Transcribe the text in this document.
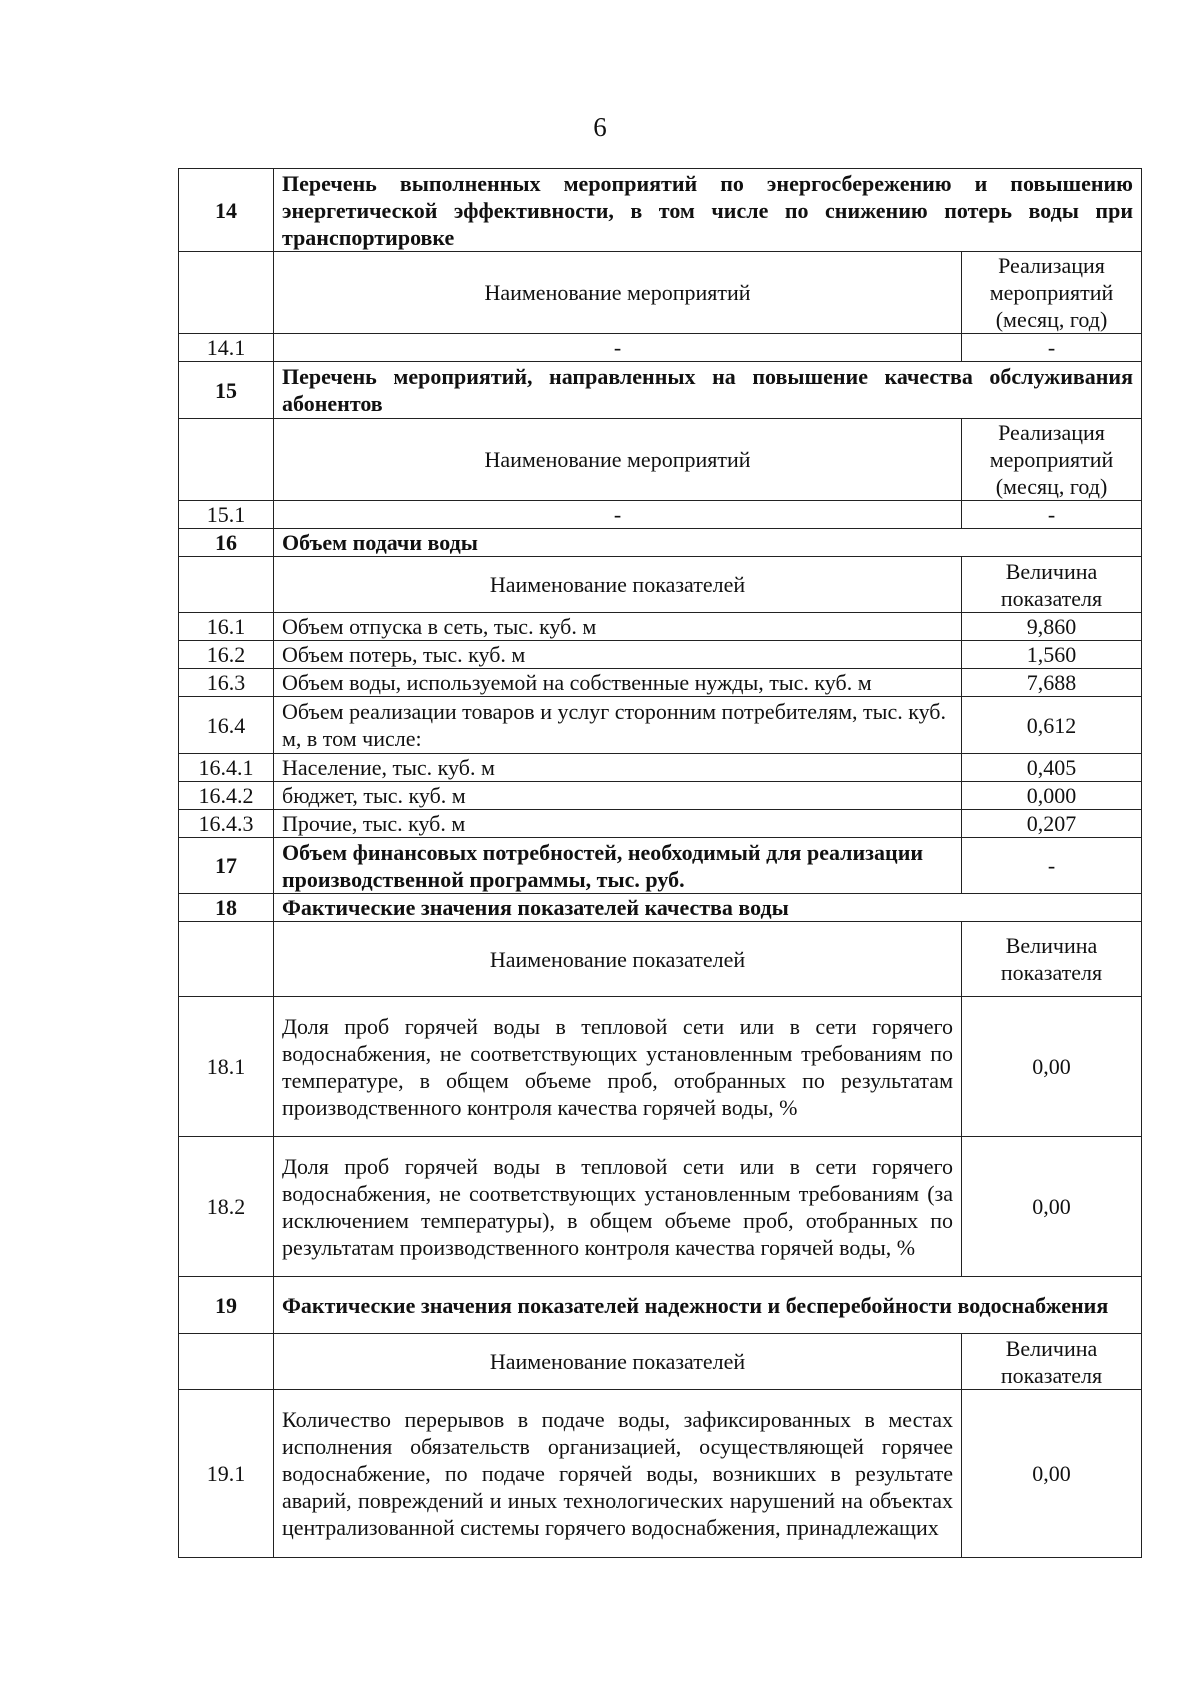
6
14	Перечень выполненных мероприятий по энергосбережению и повышению энергетической эффективности, в том числе по снижению потерь воды при транспортировке	
	Наименование мероприятий	Реализация мероприятий (месяц, год)
14.1	-	-
15	Перечень мероприятий, направленных на повышение качества обслуживания абонентов	
	Наименование мероприятий	Реализация мероприятий (месяц, год)
15.1	-	-
16	Объем подачи воды	
	Наименование показателей	Величина показателя
16.1	Объем отпуска в сеть, тыс. куб. м	9,860
16.2	Объем потерь, тыс. куб. м	1,560
16.3	Объем воды, используемой на собственные нужды, тыс. куб. м	7,688
16.4	Объем реализации товаров и услуг сторонним потребителям, тыс. куб. м, в том числе:	0,612
16.4.1	Население, тыс. куб. м	0,405
16.4.2	бюджет, тыс. куб. м	0,000
16.4.3	Прочие, тыс. куб. м	0,207
17	Объем финансовых потребностей, необходимый для реализации производственной программы, тыс. руб.	-
18	Фактические значения показателей качества воды	
	Наименование показателей	Величина показателя
18.1	Доля проб горячей воды в тепловой сети или в сети горячего водоснабжения, не соответствующих установленным требованиям по температуре, в общем объеме проб, отобранных по результатам производственного контроля качества горячей воды, %	0,00
18.2	Доля проб горячей воды в тепловой сети или в сети горячего водоснабжения, не соответствующих установленным требованиям (за исключением температуры), в общем объеме проб, отобранных по результатам производственного контроля качества горячей воды, %	0,00
19	Фактические значения показателей надежности и бесперебойности водоснабжения	
	Наименование показателей	Величина показателя
19.1	Количество перерывов в подаче воды, зафиксированных в местах исполнения обязательств организацией, осуществляющей горячее водоснабжение, по подаче горячей воды, возникших в результате аварий, повреждений и иных технологических нарушений на объектах централизованной системы горячего водоснабжения, принадлежащих	0,00
